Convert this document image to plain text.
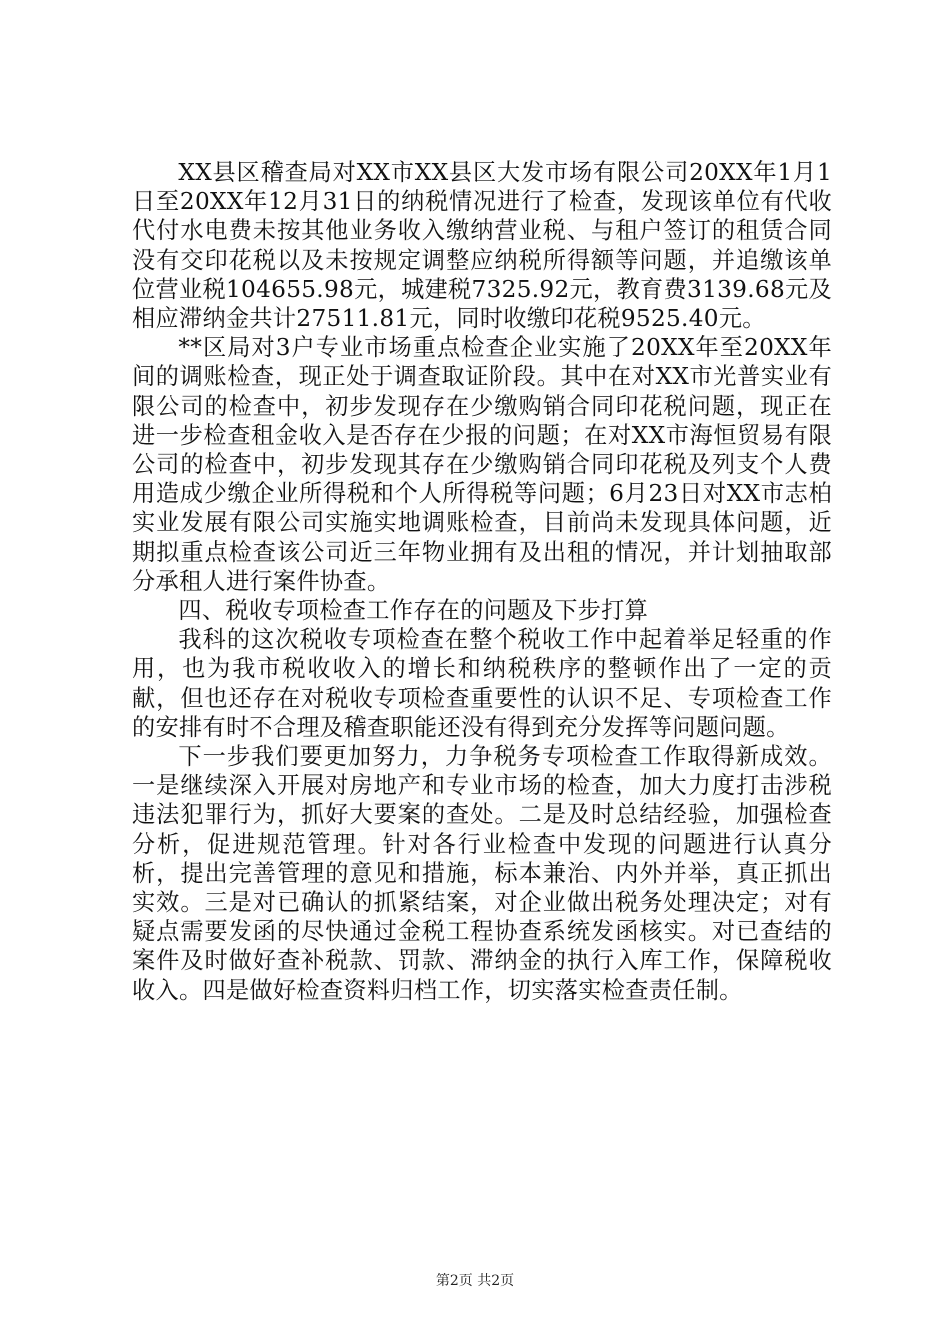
XX县区稽查局对XX市XX县区大发市场有限公司20XX年1月1日至20XX年12月31日的纳税情况进行了检查，发现该单位有代收代付水电费未按其他业务收入缴纳营业税、与租户签订的租赁合同没有交印花税以及未按规定调整应纳税所得额等问题，并追缴该单位营业税104655.98元，城建税7325.92元，教育费3139.68元及相应滞纳金共计27511.81元，同时收缴印花税9525.40元。

**区局对3户专业市场重点检查企业实施了20XX年至20XX年间的调账检查，现正处于调查取证阶段。其中在对XX市光普实业有限公司的检查中，初步发现存在少缴购销合同印花税问题，现正在进一步检查租金收入是否存在少报的问题；在对XX市海恒贸易有限公司的检查中，初步发现其存在少缴购销合同印花税及列支个人费用造成少缴企业所得税和个人所得税等问题；6月23日对XX市志柏实业发展有限公司实施实地调账检查，目前尚未发现具体问题，近期拟重点检查该公司近三年物业拥有及出租的情况，并计划抽取部分承租人进行案件协查。

四、税收专项检查工作存在的问题及下步打算

我科的这次税收专项检查在整个税收工作中起着举足轻重的作用，也为我市税收收入的增长和纳税秩序的整顿作出了一定的贡献，但也还存在对税收专项检查重要性的认识不足、专项检查工作的安排有时不合理及稽查职能还没有得到充分发挥等问题问题。

下一步我们要更加努力，力争税务专项检查工作取得新成效。一是继续深入开展对房地产和专业市场的检查，加大力度打击涉税违法犯罪行为，抓好大要案的查处。二是及时总结经验，加强检查分析，促进规范管理。针对各行业检查中发现的问题进行认真分析，提出完善管理的意见和措施，标本兼治、内外并举，真正抓出实效。三是对已确认的抓紧结案，对企业做出税务处理决定；对有疑点需要发函的尽快通过金税工程协查系统发函核实。对已查结的案件及时做好查补税款、罚款、滞纳金的执行入库工作，保障税收收入。四是做好检查资料归档工作，切实落实检查责任制。

第2页 共2页
